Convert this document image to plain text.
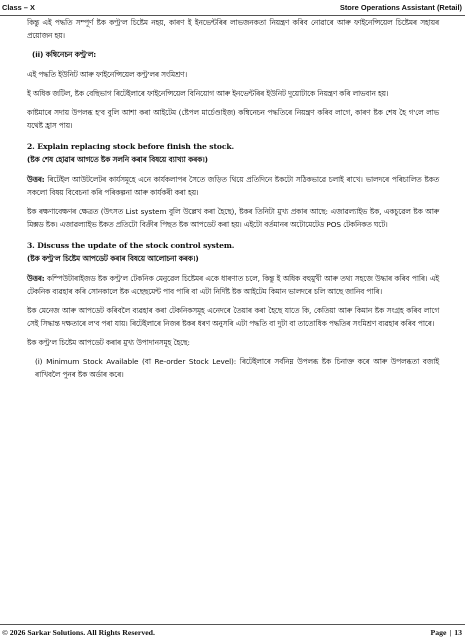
Class – X	Store Operations Assistant (Retail)

কিন্তু এই পদ্ধতি সম্পূৰ্ণ ষ্টক কণ্ট্ৰ'ল চিষ্টেম নহয়, কাৰণ ই ইনভেন্টৰিৰ লাভজনকতা নিয়ন্ত্ৰণ কৰিব নোৱাৰে আৰু ফাইনেন্সিয়েল চিষ্টেমৰ সহায়ৰ প্ৰয়োজন হয়।

(ii) কম্বিনেচন কণ্ট্ৰ'ল:

এই পদ্ধতি ইউনিট আৰু ফাইনেন্সিয়েল কণ্ট্ৰ'লৰ সংমিশ্ৰণ।

ই অধিক জটিল, ষ্টক বেছিভাগ ৰিটেইলাৰে ফাইনেন্সিয়েল বিনিয়োগ আৰু ইনভেন্টৰিৰ ইউনিট দুয়োটাকে নিয়ন্ত্ৰণ কৰি লাভবান হয়।

কাষ্টমাৰে সদায় উপলব্ধ হ'ব বুলি আশা কৰা আইটেম (ষ্টেপল মাৰ্চেণ্ডাইজ) কম্বিনেচন পদ্ধতিৰে নিয়ন্ত্ৰণ কৰিব লাগে, কাৰণ ষ্টক শেষ হৈ গ'লে লাভ যথেষ্ট হ্ৰাস পায়।

2. Explain replacing stock before finish the stock.

(ষ্টক শেষ হোৱাৰ আগতে ষ্টক সলনি কৰাৰ বিষয়ে ব্যাখ্যা কৰক।)

উত্তৰ: ৰিটেইল আউটলেটৰ কাৰ্যসমূহে এনে কাৰ্যকলাপৰ সৈতে জড়িত থিয়ে প্ৰতিদিনে ষ্টকটো সঠিকভাৱে চলাই ৰাখে। ভালদৰে পৰিচালিত ষ্টকত সকলো বিষয় বিবেচনা কৰি পৰিকল্পনা আৰু কাৰ্যকৰী কৰা হয়।

ষ্টক ৰক্ষণাবেক্ষণৰ ক্ষেত্ৰত (উৎসত List system বুলি উল্লেখ কৰা হৈছে), ষ্টকৰ তিনিটা মুখ্য প্ৰকাৰ আছে: এজাৱল্যাইভ ষ্টক, একচুৱেল ষ্টক আৰু মিক্সড ষ্টক। এজাৱল্যাইভ ষ্টকত প্ৰতিটো বিক্ৰীৰ পিছত ষ্টক আপডেট কৰা হয়। এইটো বৰ্তমানৰ অটোমেটেড POS টেকনিকত ঘটে।

3. Discuss the update of the stock control system.

(ষ্টক কণ্ট্ৰ'ল চিষ্টেম আপডেট কৰাৰ বিষয়ে আলোচনা কৰক।)

উত্তৰ: কম্পিউটাৰাইজড ষ্টক কণ্ট্ৰ'ল টেকনিক মেনুৱেল চিষ্টেমৰ একে ধাৰণাত চলে, কিন্তু ই অধিক বহুমুখী আৰু তথ্য সহজে উদ্ধাৰ কৰিব পাৰি। এই টেকনিক ব্যৱহাৰ কৰি সোনকালে ষ্টক এছেছমেন্ট পাব পাৰি বা এটা নিৰ্দিষ্ট ষ্টক আইটেম কিমান ভালদৰে চলি আছে জানিব পাৰি।

ষ্টক মেনেজ আৰু আপডেট কৰিবলৈ ব্যৱহাৰ কৰা টেকনিকসমূহ এনেদৰে তৈয়াৰ কৰা হৈছে যাতে কি, কেতিয়া আৰু কিমান ষ্টক সংগ্ৰহ কৰিব লাগে সেই সিদ্ধান্ত দক্ষতাৰে ল'ব পৰা যায়। ৰিটেইলাৰে নিজৰ ষ্টকৰ ধৰণ অনুসৰি এটা পদ্ধতি বা দুটা বা তাতোধিক পদ্ধতিৰ সংমিশ্ৰণ ব্যৱহাৰ কৰিব পাৰে।

ষ্টক কণ্ট্ৰ'ল চিষ্টেম আপডেট কৰাৰ মুখ্য উপাদানসমূহ হৈছে:

(i) Minimum Stock Available (বা Re-order Stock Level): ৰিটেইলাৰে সৰ্বনিম্ন উপলব্ধ ষ্টক চিনাক্ত কৰে আৰু উপলব্ধতা বজাই ৰাখিবলৈ পুনৰ ষ্টক অৰ্ডাৰ কৰে।

© 2026 Sarkar Solutions. All Rights Reserved.	Page | 13
